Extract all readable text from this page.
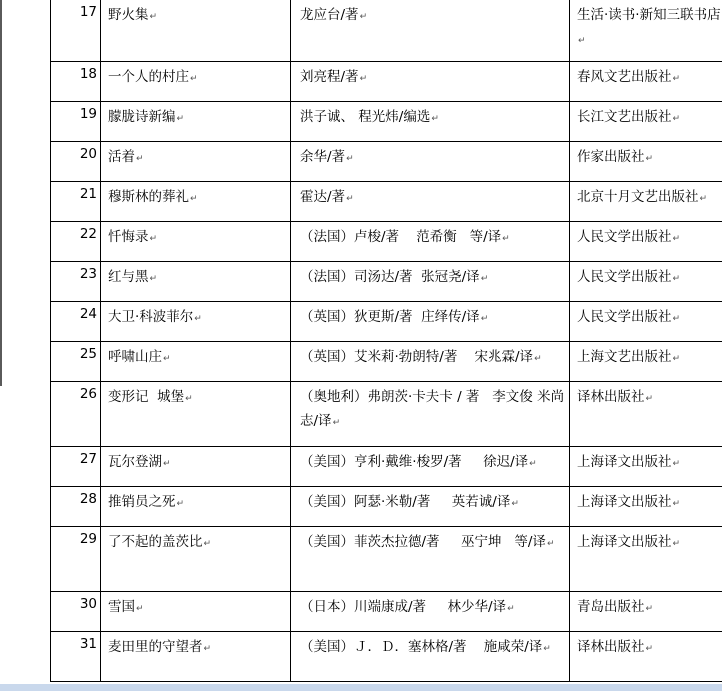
17	野火集↵	龙应台/著↵	生活·读书·新知三联书店↵
18	一个人的村庄↵	刘亮程/著↵	春风文艺出版社↵
19	朦胧诗新编↵	洪子诚、 程光炜/编选↵	长江文艺出版社↵
20	活着↵	余华/著↵	作家出版社↵
21	穆斯林的葬礼↵	霍达/著↵	北京十月文艺出版社↵
22	忏悔录↵	（法国）卢梭/著    范希衡   等/译↵	人民文学出版社↵
23	红与黑↵	（法国）司汤达/著  张冠尧/译↵	人民文学出版社↵
24	大卫·科波菲尔↵	（英国）狄更斯/著  庄绎传/译↵	人民文学出版社↵
25	呼啸山庄↵	（英国）艾米莉·勃朗特/著    宋兆霖/译↵	上海文艺出版社↵
26	变形记  城堡↵	（奥地利）弗朗茨·卡夫卡 / 著   李文俊 米尚志/译↵	译林出版社↵
27	瓦尔登湖↵	（美国）亨利·戴维·梭罗/著     徐迟/译↵	上海译文出版社↵
28	推销员之死↵	（美国）阿瑟·米勒/著     英若诚/译↵	上海译文出版社↵
29	了不起的盖茨比↵	（美国）菲茨杰拉德/著     巫宁坤   等/译↵	上海译文出版社↵
30	雪国↵	（日本）川端康成/著     林少华/译↵	青岛出版社↵
31	麦田里的守望者↵	（美国）Ｊ．Ｄ．塞林格/著    施咸荣/译↵	译林出版社↵
